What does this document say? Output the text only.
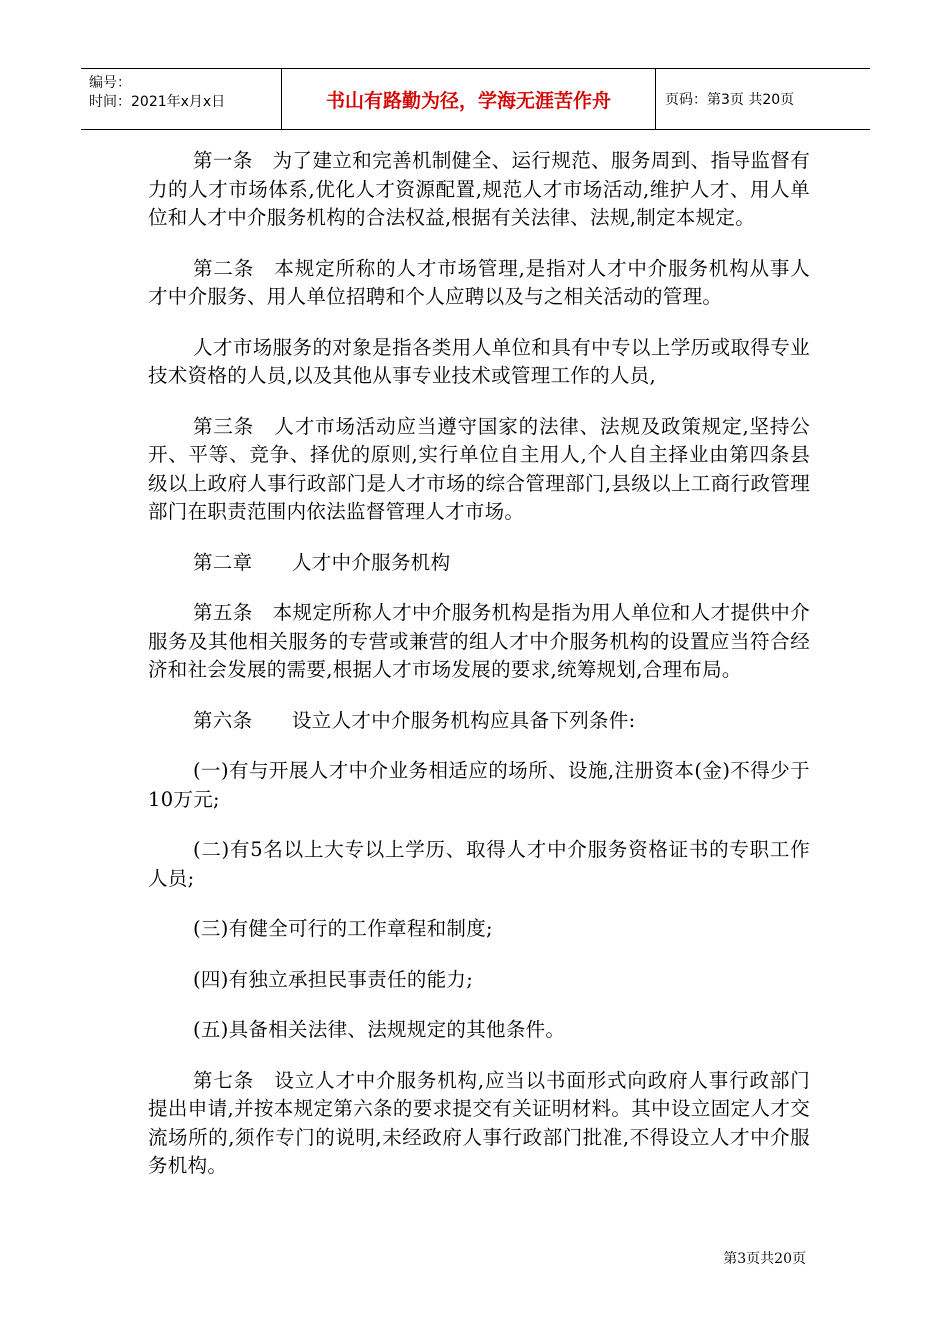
编号：
时间：2021年x月x日	书山有路勤为径，学海无涯苦作舟	页码：第3页 共20页

第一条　为了建立和完善机制健全、运行规范、服务周到、指导监督有力的人才市场体系,优化人才资源配置,规范人才市场活动,维护人才、用人单位和人才中介服务机构的合法权益,根据有关法律、法规,制定本规定。

第二条　本规定所称的人才市场管理,是指对人才中介服务机构从事人才中介服务、用人单位招聘和个人应聘以及与之相关活动的管理。

人才市场服务的对象是指各类用人单位和具有中专以上学历或取得专业技术资格的人员,以及其他从事专业技术或管理工作的人员,

第三条　人才市场活动应当遵守国家的法律、法规及政策规定,坚持公开、平等、竞争、择优的原则,实行单位自主用人,个人自主择业由第四条县级以上政府人事行政部门是人才市场的综合管理部门,县级以上工商行政管理部门在职责范围内依法监督管理人才市场。

第二章　　人才中介服务机构

第五条　本规定所称人才中介服务机构是指为用人单位和人才提供中介服务及其他相关服务的专营或兼营的组人才中介服务机构的设置应当符合经济和社会发展的需要,根据人才市场发展的要求,统筹规划,合理布局。

第六条　　设立人才中介服务机构应具备下列条件:

(一)有与开展人才中介业务相适应的场所、设施,注册资本(金)不得少于10万元;

(二)有5名以上大专以上学历、取得人才中介服务资格证书的专职工作人员;

(三)有健全可行的工作章程和制度;

(四)有独立承担民事责任的能力;

(五)具备相关法律、法规规定的其他条件。

第七条　设立人才中介服务机构,应当以书面形式向政府人事行政部门提出申请,并按本规定第六条的要求提交有关证明材料。其中设立固定人才交流场所的,须作专门的说明,未经政府人事行政部门批准,不得设立人才中介服务机构。

第3页共20页
